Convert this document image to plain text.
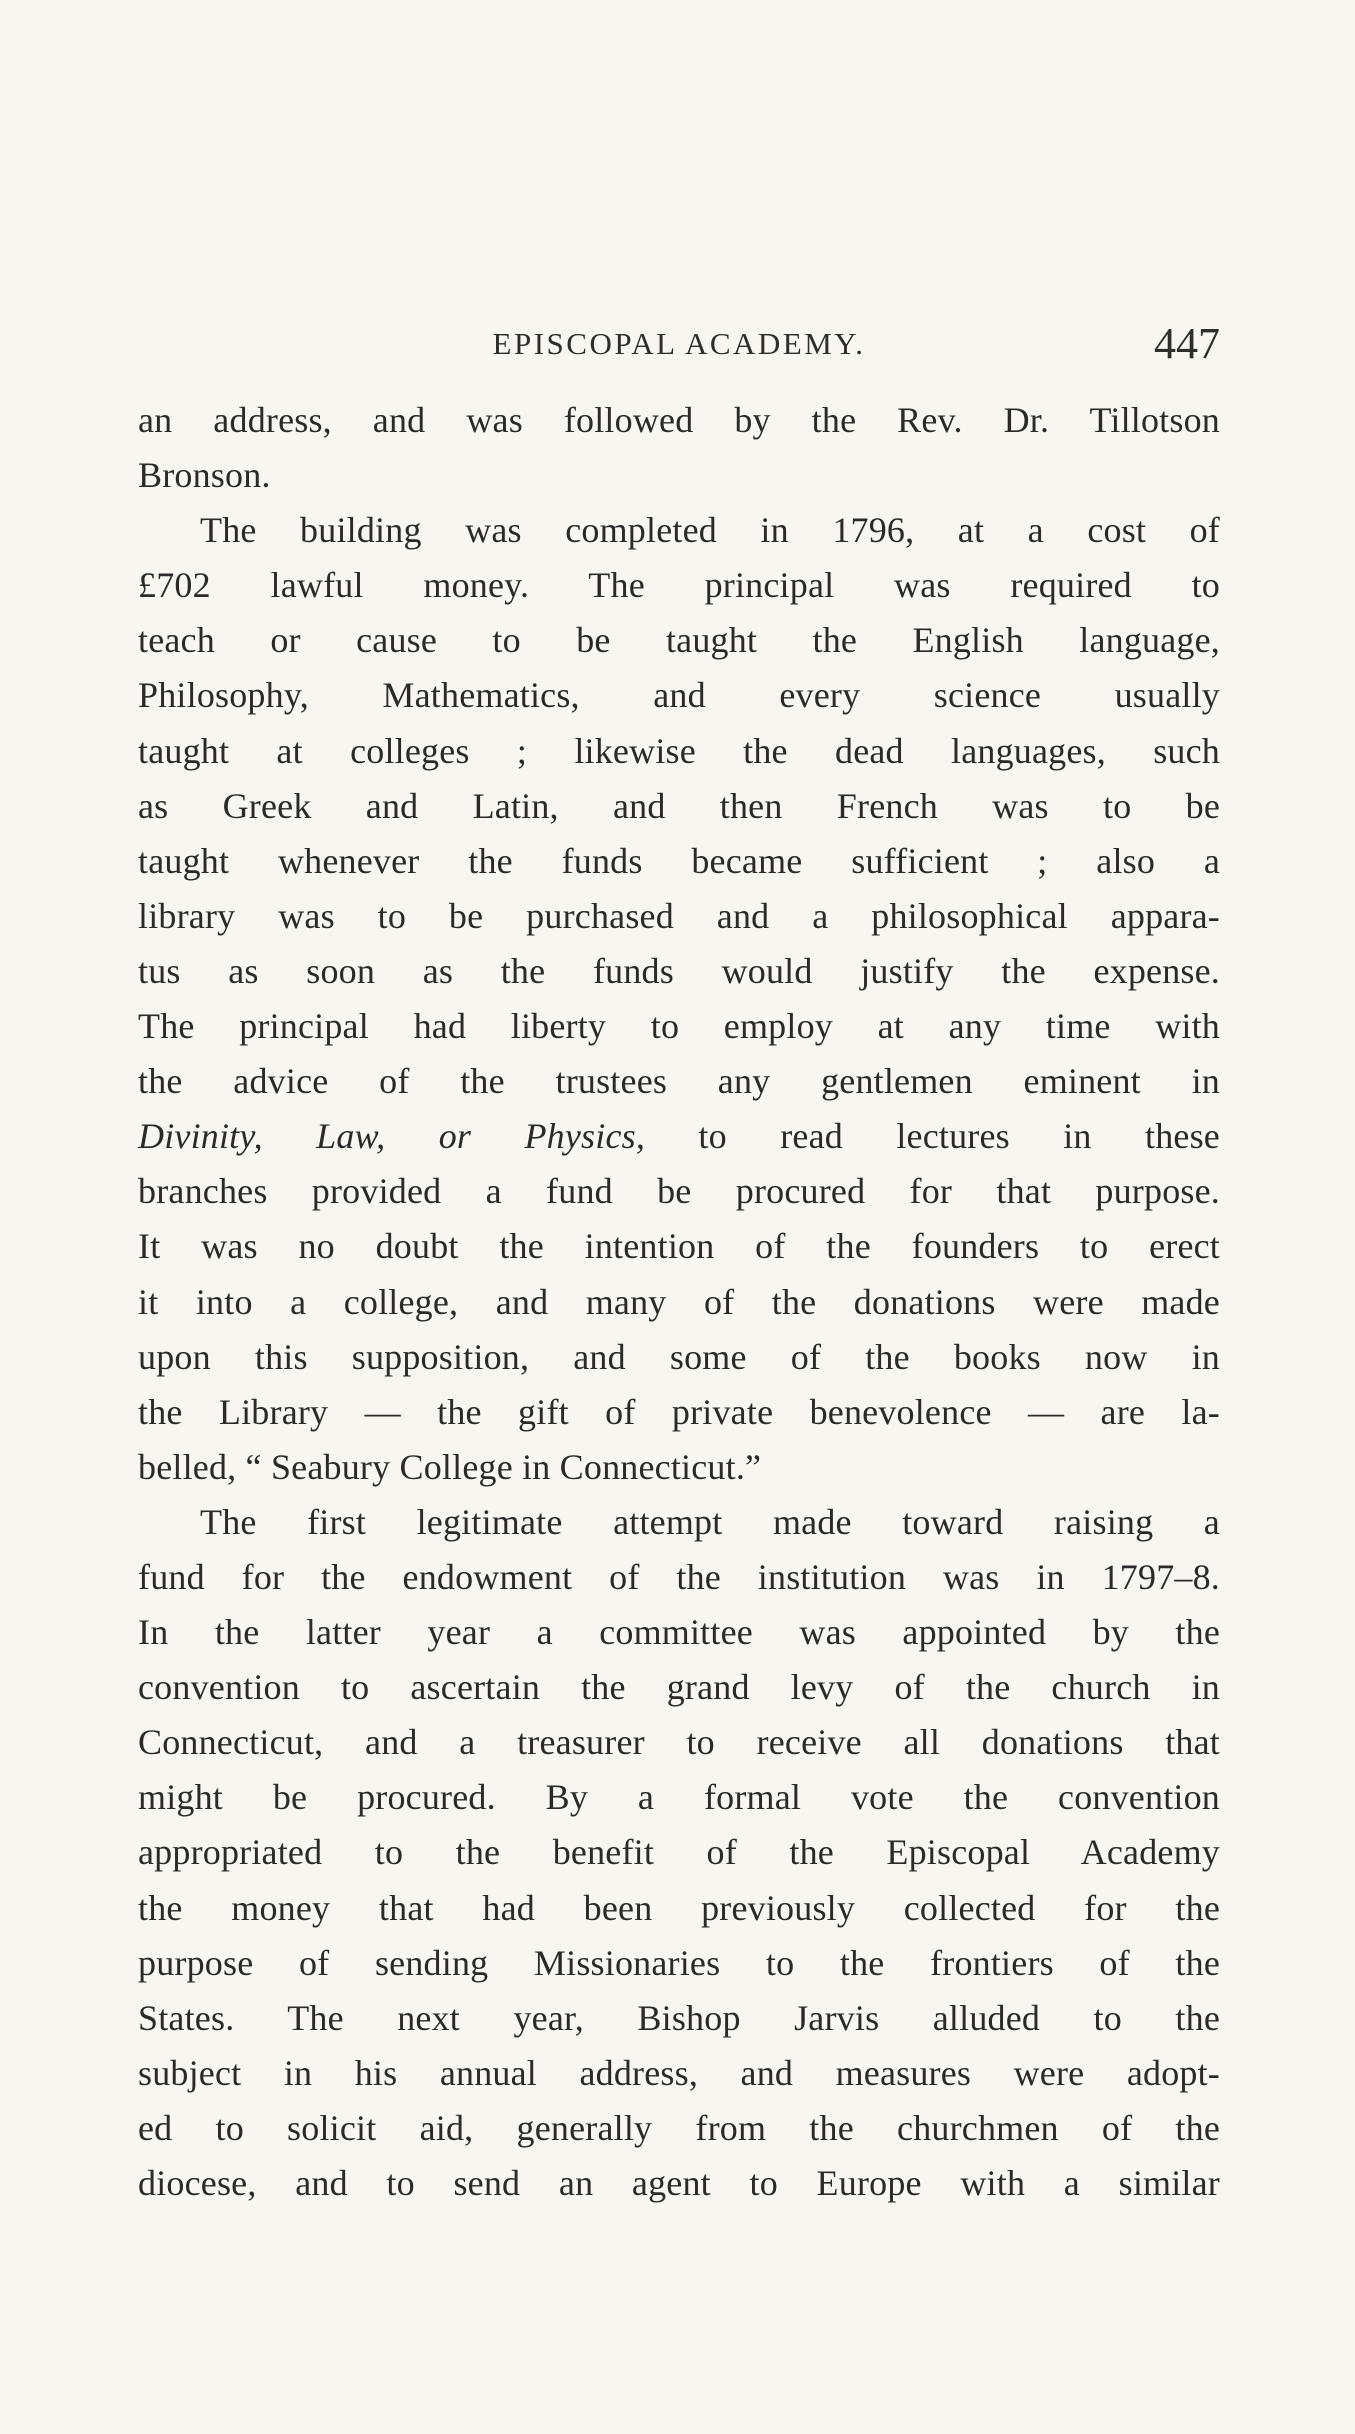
EPISCOPAL ACADEMY.	447
an address, and was followed by the Rev. Dr. Tillotson
Bronson.
The building was completed in 1796, at a cost of
£702 lawful money. The principal was required to
teach or cause to be taught the English language,
Philosophy, Mathematics, and every science usually
taught at colleges ; likewise the dead languages, such
as Greek and Latin, and then French was to be
taught whenever the funds became sufficient ; also a
library was to be purchased and a philosophical appara-
tus as soon as the funds would justify the expense.
The principal had liberty to employ at any time with
the advice of the trustees any gentlemen eminent in
Divinity, Law, or Physics, to read lectures in these
branches provided a fund be procured for that purpose.
It was no doubt the intention of the founders to erect
it into a college, and many of the donations were made
upon this supposition, and some of the books now in
the Library — the gift of private benevolence — are la-
belled, “ Seabury College in Connecticut.”
The first legitimate attempt made toward raising a
fund for the endowment of the institution was in 1797–8.
In the latter year a committee was appointed by the
convention to ascertain the grand levy of the church in
Connecticut, and a treasurer to receive all donations that
might be procured. By a formal vote the convention
appropriated to the benefit of the Episcopal Academy
the money that had been previously collected for the
purpose of sending Missionaries to the frontiers of the
States. The next year, Bishop Jarvis alluded to the
subject in his annual address, and measures were adopt-
ed to solicit aid, generally from the churchmen of the
diocese, and to send an agent to Europe with a similar
